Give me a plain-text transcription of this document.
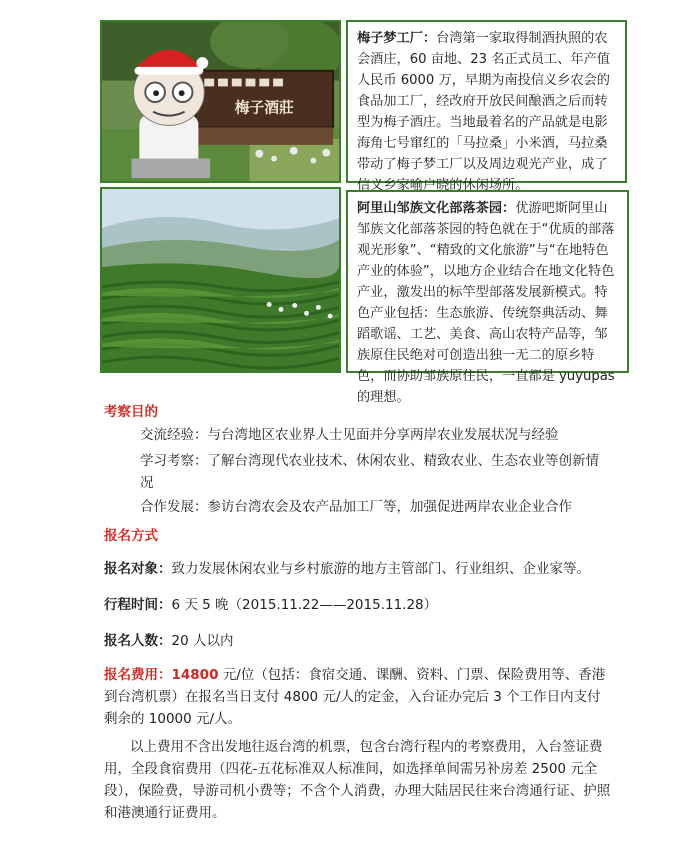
梅子酒莊
梅子梦工厂：台湾第一家取得制酒执照的农会酒庄，60 亩地、23 名正式员工、年产值人民币 6000 万，早期为南投信义乡农会的食品加工厂，经改府开放民间酿酒之后而转型为梅子酒庄。当地最着名的产品就是电影海角七号窜红的「马拉桑」小米酒，马拉桑带动了梅子梦工厂以及周边观光产业，成了信义乡家喻户晓的休闲场所。
阿里山邹族文化部落茶园：优游吧斯阿里山邹族文化部落茶园的特色就在于“优质的部落观光形象”、“精致的文化旅游”与“在地特色产业的体验”，以地方企业结合在地文化特色产业，激发出的标竿型部落发展新模式。特色产业包括：生态旅游、传统祭典活动、舞蹈歌谣、工艺、美食、高山农特产品等，邹族原住民绝对可创造出独一无二的原乡特色，而协助邹族原住民，一直都是 yuyupas 的理想。
考察目的
交流经验：与台湾地区农业界人士见面并分享两岸农业发展状况与经验
学习考察：了解台湾现代农业技术、休闲农业、精致农业、生态农业等创新情况
合作发展：参访台湾农会及农产品加工厂等，加强促进两岸农业企业合作
报名方式
报名对象：致力发展休闲农业与乡村旅游的地方主管部门、行业组织、企业家等。
行程时间：6 天 5 晚（2015.11.22——2015.11.28）
报名人数：20 人以内
报名费用：14800 元/位（包括：食宿交通、课酬、资料、门票、保险费用等、香港到台湾机票）在报名当日支付 4800 元/人的定金，入台证办完后 3 个工作日内支付剩余的 10000 元/人。
以上费用不含出发地往返台湾的机票，包含台湾行程内的考察费用，入台签证费用，全段食宿费用（四花-五花标准双人标准间，如选择单间需另补房差 2500 元全段），保险费，导游司机小费等；不含个人消费，办理大陆居民往来台湾通行证、护照和港澳通行证费用。
